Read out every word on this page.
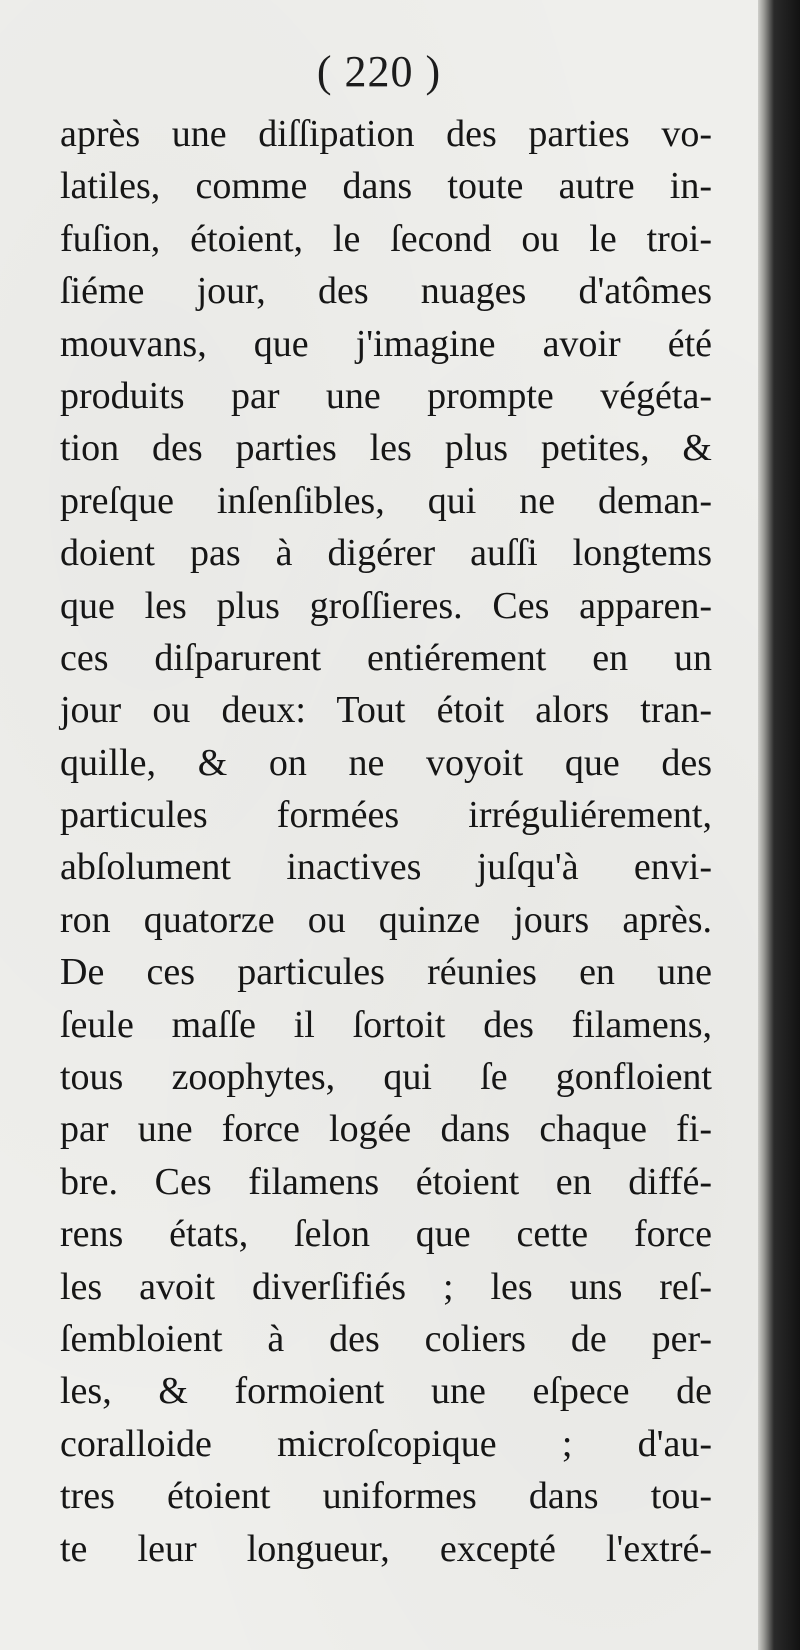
( 220 )
après une diſſipation des parties vo-
latiles, comme dans toute autre in-
fuſion, étoient, le ſecond ou le troi-
ſiéme jour, des nuages d'atômes
mouvans, que j'imagine avoir été
produits par une prompte végéta-
tion des parties les plus petites, &
preſque inſenſibles, qui ne deman-
doient pas à digérer auſſi longtems
que les plus groſſieres. Ces apparen-
ces diſparurent entiérement en un
jour ou deux: Tout étoit alors tran-
quille, & on ne voyoit que des
particules formées irréguliérement,
abſolument inactives juſqu'à envi-
ron quatorze ou quinze jours après.
De ces particules réunies en une
ſeule maſſe il ſortoit des filamens,
tous zoophytes, qui ſe gonfloient
par une force logée dans chaque fi-
bre. Ces filamens étoient en diffé-
rens états, ſelon que cette force
les avoit diverſifiés ; les uns reſ-
ſembloient à des coliers de per-
les, & formoient une eſpece de
coralloide microſcopique ; d'au-
tres étoient uniformes dans tou-
te leur longueur, excepté l'extré-
